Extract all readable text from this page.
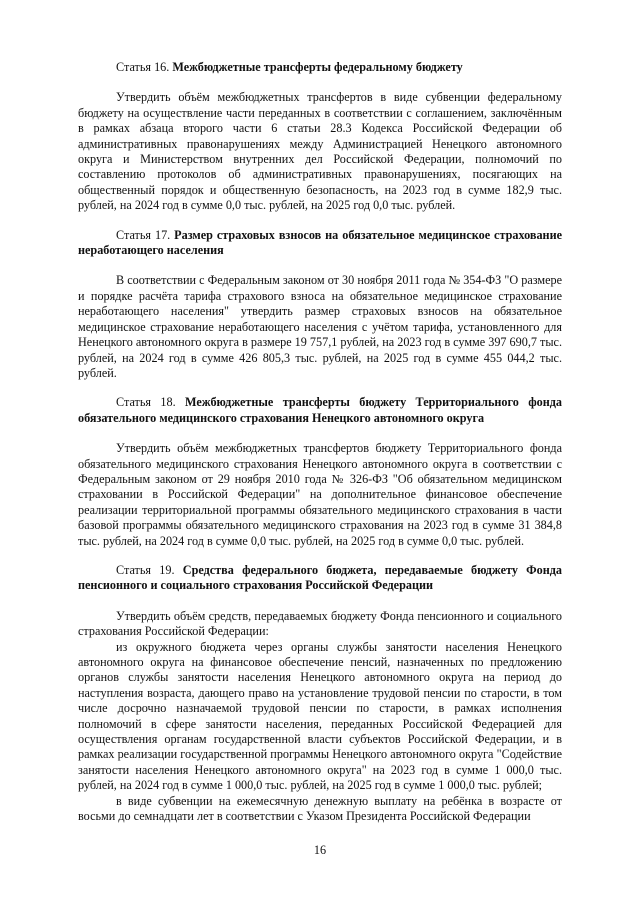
Статья 16. Межбюджетные трансферты федеральному бюджету

Утвердить объём межбюджетных трансфертов в виде субвенции федеральному бюджету на осуществление части переданных в соответствии с соглашением, заключённым в рамках абзаца второго части 6 статьи 28.3 Кодекса Российской Федерации об административных правонарушениях между Администрацией Ненецкого автономного округа и Министерством внутренних дел Российской Федерации, полномочий по составлению протоколов об административных правонарушениях, посягающих на общественный порядок и общественную безопасность, на 2023 год в сумме 182,9 тыс. рублей, на 2024 год в сумме 0,0 тыс. рублей, на 2025 год 0,0 тыс. рублей.

Статья 17. Размер страховых взносов на обязательное медицинское страхование неработающего населения

В соответствии с Федеральным законом от 30 ноября 2011 года № 354-ФЗ "О размере и порядке расчёта тарифа страхового взноса на обязательное медицинское страхование неработающего населения" утвердить размер страховых взносов на обязательное медицинское страхование неработающего населения с учётом тарифа, установленного для Ненецкого автономного округа в размере 19 757,1 рублей, на 2023 год в сумме 397 690,7 тыс. рублей, на 2024 год в сумме 426 805,3 тыс. рублей, на 2025 год в сумме 455 044,2 тыс. рублей.

Статья 18. Межбюджетные трансферты бюджету Территориального фонда обязательного медицинского страхования Ненецкого автономного округа

Утвердить объём межбюджетных трансфертов бюджету Территориального фонда обязательного медицинского страхования Ненецкого автономного округа в соответствии с Федеральным законом от 29 ноября 2010 года № 326-ФЗ "Об обязательном медицинском страховании в Российской Федерации" на дополнительное финансовое обеспечение реализации территориальной программы обязательного медицинского страхования в части базовой программы обязательного медицинского страхования на 2023 год в сумме 31 384,8 тыс. рублей, на 2024 год в сумме 0,0 тыс. рублей, на 2025 год в сумме 0,0 тыс. рублей.

Статья 19. Средства федерального бюджета, передаваемые бюджету Фонда пенсионного и социального страхования Российской Федерации

Утвердить объём средств, передаваемых бюджету Фонда пенсионного и социального страхования Российской Федерации:

из окружного бюджета через органы службы занятости населения Ненецкого автономного округа на финансовое обеспечение пенсий, назначенных по предложению органов службы занятости населения Ненецкого автономного округа на период до наступления возраста, дающего право на установление трудовой пенсии по старости, в том числе досрочно назначаемой трудовой пенсии по старости, в рамках исполнения полномочий в сфере занятости населения, переданных Российской Федерацией для осуществления органам государственной власти субъектов Российской Федерации, и в рамках реализации государственной программы Ненецкого автономного округа "Содействие занятости населения Ненецкого автономного округа" на 2023 год в сумме 1 000,0 тыс. рублей, на 2024 год в сумме 1 000,0 тыс. рублей, на 2025 год в сумме 1 000,0 тыс. рублей;

в виде субвенции на ежемесячную денежную выплату на ребёнка в возрасте от восьми до семнадцати лет в соответствии с Указом Президента Российской Федерации

16
